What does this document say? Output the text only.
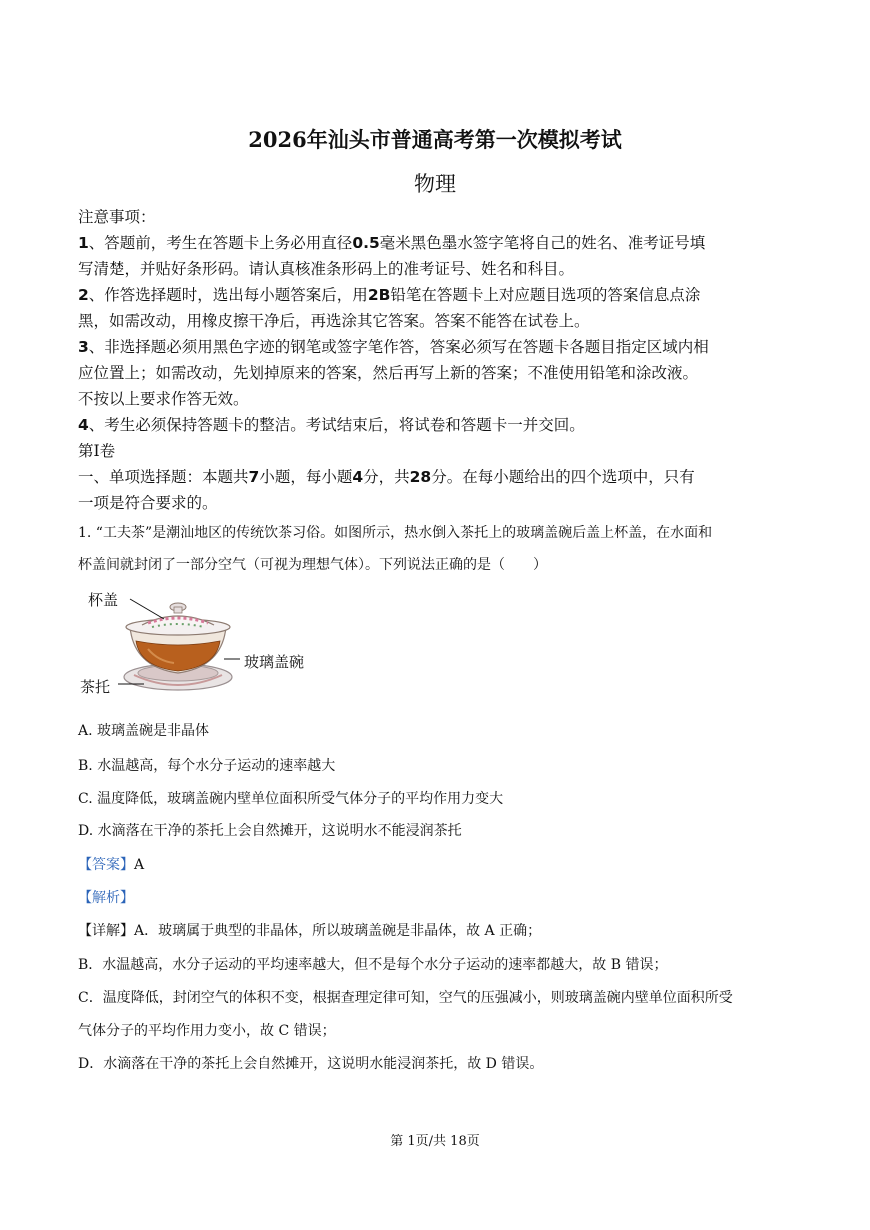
2026年汕头市普通高考第一次模拟考试
物理
注意事项：
1、答题前，考生在答题卡上务必用直径0.5毫米黑色墨水签字笔将自己的姓名、准考证号填
写清楚，并贴好条形码。请认真核准条形码上的准考证号、姓名和科目。
2、作答选择题时，选出每小题答案后，用2B铅笔在答题卡上对应题目选项的答案信息点涂
黑，如需改动，用橡皮擦干净后，再选涂其它答案。答案不能答在试卷上。
3、非选择题必须用黑色字迹的钢笔或签字笔作答，答案必须写在答题卡各题目指定区域内相
应位置上；如需改动，先划掉原来的答案，然后再写上新的答案；不准使用铅笔和涂改液。
不按以上要求作答无效。
4、考生必须保持答题卡的整洁。考试结束后，将试卷和答题卡一并交回。
第Ⅰ卷
一、单项选择题：本题共7小题，每小题4分，共28分。在每小题给出的四个选项中，只有
一项是符合要求的。
1. “工夫茶”是潮汕地区的传统饮茶习俗。如图所示，热水倒入茶托上的玻璃盖碗后盖上杯盖，在水面和
杯盖间就封闭了一部分空气（可视为理想气体）。下列说法正确的是（　　）
杯盖
玻璃盖碗
茶托
A. 玻璃盖碗是非晶体
B. 水温越高，每个水分子运动的速率越大
C. 温度降低，玻璃盖碗内壁单位面积所受气体分子的平均作用力变大
D. 水滴落在干净的茶托上会自然摊开，这说明水不能浸润茶托
【答案】A
【解析】
【详解】A．玻璃属于典型的非晶体，所以玻璃盖碗是非晶体，故 A 正确；
B．水温越高，水分子运动的平均速率越大，但不是每个水分子运动的速率都越大，故 B 错误；
C．温度降低，封闭空气的体积不变，根据查理定律可知，空气的压强减小，则玻璃盖碗内壁单位面积所受
气体分子的平均作用力变小，故 C 错误；
D．水滴落在干净的茶托上会自然摊开，这说明水能浸润茶托，故 D 错误。
第 1页/共 18页
